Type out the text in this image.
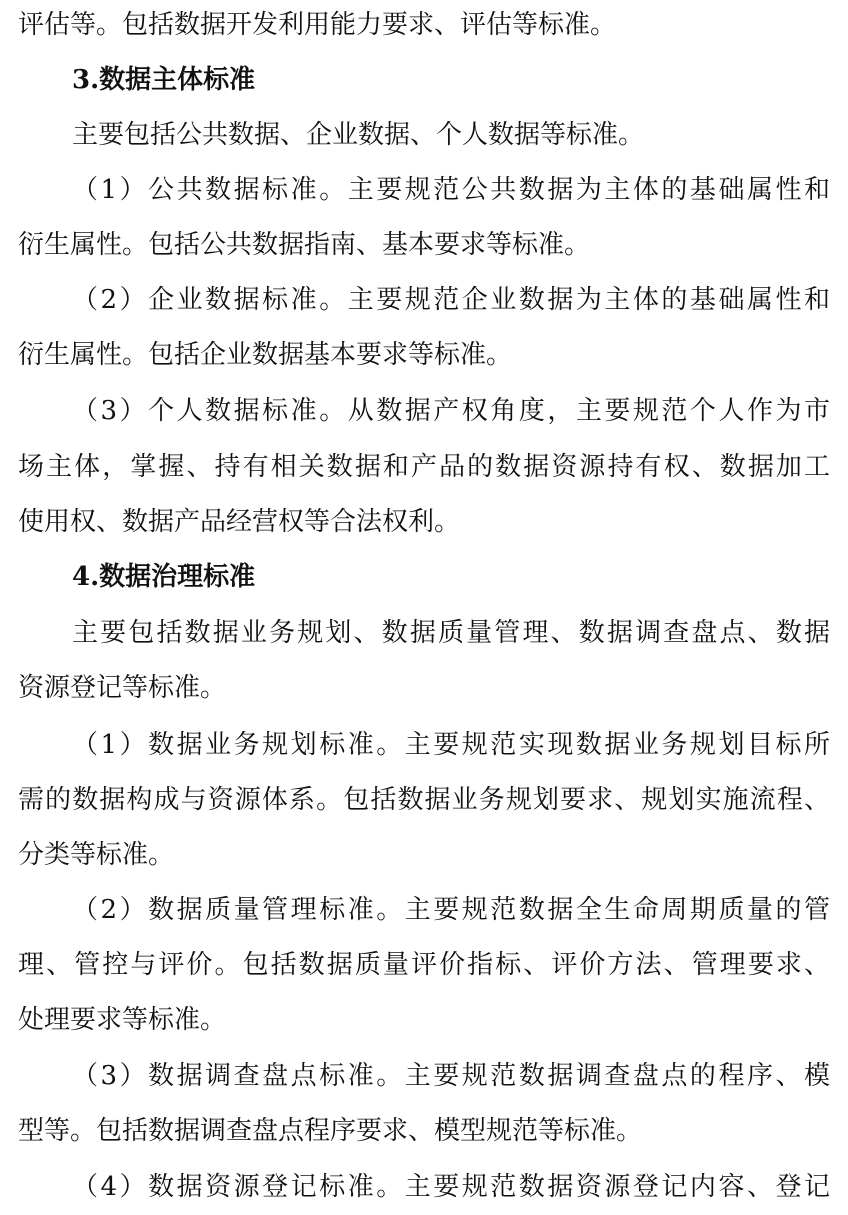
评估等。包括数据开发利用能力要求、评估等标准。
3.数据主体标准
主要包括公共数据、企业数据、个人数据等标准。
（1）公共数据标准。主要规范公共数据为主体的基础属性和
衍生属性。包括公共数据指南、基本要求等标准。
（2）企业数据标准。主要规范企业数据为主体的基础属性和
衍生属性。包括企业数据基本要求等标准。
（3）个人数据标准。从数据产权角度，主要规范个人作为市
场主体，掌握、持有相关数据和产品的数据资源持有权、数据加工
使用权、数据产品经营权等合法权利。
4.数据治理标准
主要包括数据业务规划、数据质量管理、数据调查盘点、数据
资源登记等标准。
（1）数据业务规划标准。主要规范实现数据业务规划目标所
需的数据构成与资源体系。包括数据业务规划要求、规划实施流程、
分类等标准。
（2）数据质量管理标准。主要规范数据全生命周期质量的管
理、管控与评价。包括数据质量评价指标、评价方法、管理要求、
处理要求等标准。
（3）数据调查盘点标准。主要规范数据调查盘点的程序、模
型等。包括数据调查盘点程序要求、模型规范等标准。
（4）数据资源登记标准。主要规范数据资源登记内容、登记
